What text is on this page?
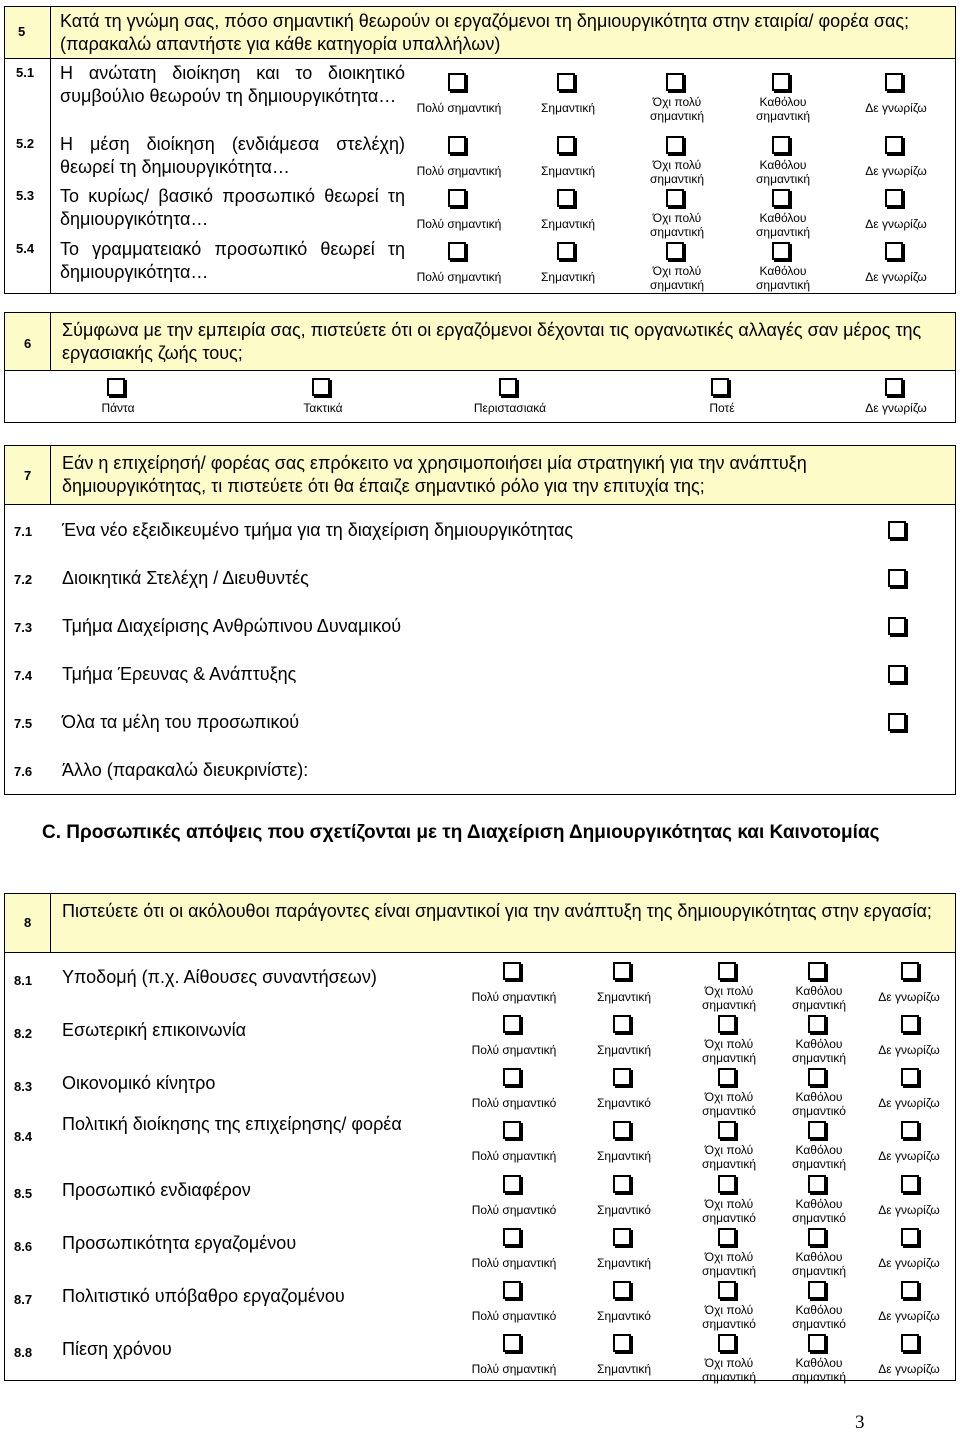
5
Κατά τη γνώμη σας, πόσο σημαντική θεωρούν οι εργαζόμενοι τη δημιουργικότητα στην εταιρία/ φορέα σας; (παρακαλώ απαντήστε για κάθε κατηγορία υπαλλήλων)
5.1 Η ανώτατη διοίκηση και το διοικητικό συμβούλιο θεωρούν τη δημιουργικότητα…
Πολύ σημαντική	Σημαντική	Όχι πολύ σημαντική
Καθόλου σημαντική
Δε γνωρίζω
5.2 Η μέση διοίκηση (ενδιάμεσα στελέχη) θεωρεί τη δημιουργικότητα…	Πολύ σημαντική	Σημαντική	Όχι πολύ σημαντική
Καθόλου σημαντική
Δε γνωρίζω
5.3 Το κυρίως/ βασικό προσωπικό θεωρεί τη δημιουργικότητα…	Πολύ σημαντική	Σημαντική	Όχι πολύ σημαντική
Καθόλου σημαντική
Δε γνωρίζω
5.4 Το γραμματειακό προσωπικό θεωρεί τη δημιουργικότητα…	Πολύ σημαντική	Σημαντική	Όχι πολύ σημαντική
Καθόλου σημαντική
Δε γνωρίζω
6
Σύμφωνα με την εμπειρία σας, πιστεύετε ότι οι εργαζόμενοι δέχονται τις οργανωτικές αλλαγές σαν μέρος της εργασιακής ζωής τους;
Πάντα	Τακτικά	Περιστασιακά	Ποτέ	Δε γνωρίζω
7
Εάν η επιχείρησή/ φορέας σας επρόκειτο να χρησιμοποιήσει μία στρατηγική για την ανάπτυξη δημιουργικότητας, τι πιστεύετε ότι θα έπαιζε σημαντικό ρόλο για την επιτυχία της;
7.1 Ένα νέο εξειδικευμένο τμήμα για τη διαχείριση δημιουργικότητας
7.2 Διοικητικά Στελέχη / Διευθυντές
7.3 Τμήμα Διαχείρισης Ανθρώπινου Δυναμικού
7.4 Τμήμα Έρευνας & Ανάπτυξης
7.5 Όλα τα μέλη του προσωπικού
7.6 Άλλο (παρακαλώ διευκρινίστε):
C. Προσωπικές απόψεις που σχετίζονται με τη Διαχείριση Δημιουργικότητας και Καινοτομίας
8
Πιστεύετε ότι οι ακόλουθοι παράγοντες είναι σημαντικοί για την ανάπτυξη της δημιουργικότητας στην εργασία;
8.1 Υποδομή (π.χ. Αίθουσες συναντήσεων)
Πολύ σημαντική	Σημαντική	Όχι πολύ σημαντική
Καθόλου σημαντική
Δε γνωρίζω
8.2 Εσωτερική επικοινωνία
Πολύ σημαντική	Σημαντική	Όχι πολύ σημαντική
Καθόλου σημαντική
Δε γνωρίζω
8.3 Οικονομικό κίνητρο
Πολύ σημαντικό	Σημαντικό	Όχι πολύ σημαντικό
Καθόλου σημαντικό
Δε γνωρίζω
8.4
Πολιτική διοίκησης της επιχείρησης/ φορέα
Πολύ σημαντική	Σημαντική	Όχι πολύ σημαντική
Καθόλου σημαντική
Δε γνωρίζω
8.5 Προσωπικό ενδιαφέρον
Πολύ σημαντικό	Σημαντικό	Όχι πολύ σημαντικό
Καθόλου σημαντικό
Δε γνωρίζω
8.6 Προσωπικότητα εργαζομένου
Πολύ σημαντική	Σημαντική	Όχι πολύ σημαντική
Καθόλου σημαντική
Δε γνωρίζω
8.7 Πολιτιστικό υπόβαθρο εργαζομένου
Πολύ σημαντικό	Σημαντικό	Όχι πολύ σημαντικό
Καθόλου σημαντικό
Δε γνωρίζω
8.8 Πίεση χρόνου
Πολύ σημαντική	Σημαντική	Όχι πολύ σημαντική
Καθόλου σημαντική
Δε γνωρίζω
3
